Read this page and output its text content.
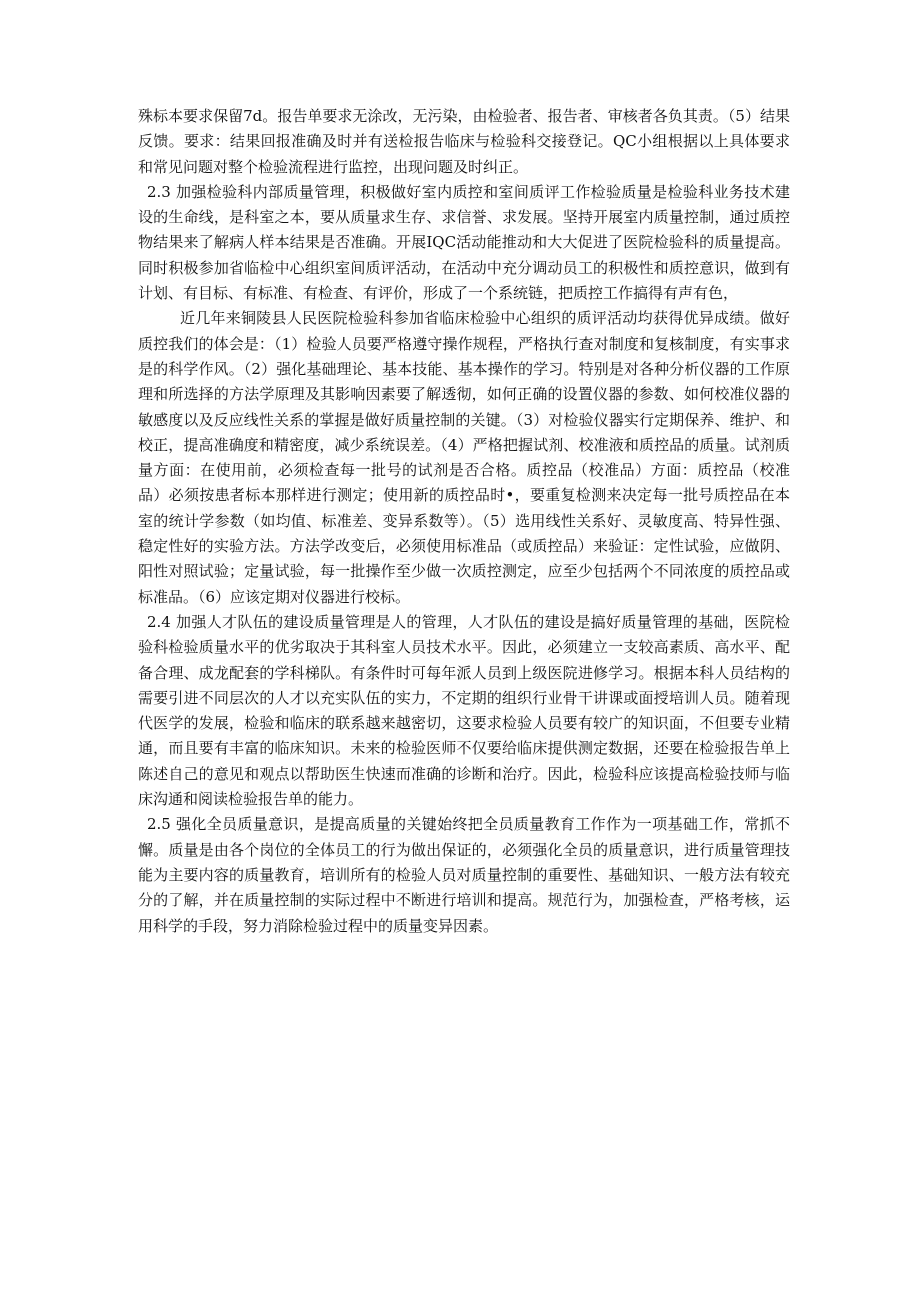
殊标本要求保留7d。报告单要求无涂改，无污染，由检验者、报告者、审核者各负其责。（5）结果反馈。要求：结果回报准确及时并有送检报告临床与检验科交接登记。QC小组根据以上具体要求和常见问题对整个检验流程进行监控，出现问题及时纠正。

2.3 加强检验科内部质量管理，积极做好室内质控和室间质评工作检验质量是检验科业务技术建设的生命线，是科室之本，要从质量求生存、求信誉、求发展。坚持开展室内质量控制，通过质控物结果来了解病人样本结果是否准确。开展IQC活动能推动和大大促进了医院检验科的质量提高。同时积极参加省临检中心组织室间质评活动，在活动中充分调动员工的积极性和质控意识，做到有计划、有目标、有标准、有检查、有评价，形成了一个系统链，把质控工作搞得有声有色，

近几年来铜陵县人民医院检验科参加省临床检验中心组织的质评活动均获得优异成绩。做好质控我们的体会是：（1）检验人员要严格遵守操作规程，严格执行查对制度和复核制度，有实事求是的科学作风。（2）强化基础理论、基本技能、基本操作的学习。特别是对各种分析仪器的工作原理和所选择的方法学原理及其影响因素要了解透彻，如何正确的设置仪器的参数、如何校准仪器的敏感度以及反应线性关系的掌握是做好质量控制的关键。（3）对检验仪器实行定期保养、维护、和校正，提高准确度和精密度，减少系统误差。（4）严格把握试剂、校准液和质控品的质量。试剂质量方面：在使用前，必须检查每一批号的试剂是否合格。质控品（校准品）方面：质控品（校准品）必须按患者标本那样进行测定；使用新的质控品时•，要重复检测来决定每一批号质控品在本室的统计学参数（如均值、标准差、变异系数等）。（5）选用线性关系好、灵敏度高、特异性强、稳定性好的实验方法。方法学改变后，必须使用标准品（或质控品）来验证：定性试验，应做阴、阳性对照试验；定量试验，每一批操作至少做一次质控测定，应至少包括两个不同浓度的质控品或标准品。（6）应该定期对仪器进行校标。

2.4 加强人才队伍的建设质量管理是人的管理，人才队伍的建设是搞好质量管理的基础，医院检验科检验质量水平的优劣取决于其科室人员技术水平。因此，必须建立一支较高素质、高水平、配备合理、成龙配套的学科梯队。有条件时可每年派人员到上级医院进修学习。根据本科人员结构的需要引进不同层次的人才以充实队伍的实力，不定期的组织行业骨干讲课或面授培训人员。随着现代医学的发展，检验和临床的联系越来越密切，这要求检验人员要有较广的知识面，不但要专业精通，而且要有丰富的临床知识。未来的检验医师不仅要给临床提供测定数据，还要在检验报告单上陈述自己的意见和观点以帮助医生快速而准确的诊断和治疗。因此，检验科应该提高检验技师与临床沟通和阅读检验报告单的能力。

2.5 强化全员质量意识，是提高质量的关键始终把全员质量教育工作作为一项基础工作，常抓不懈。质量是由各个岗位的全体员工的行为做出保证的，必须强化全员的质量意识，进行质量管理技能为主要内容的质量教育，培训所有的检验人员对质量控制的重要性、基础知识、一般方法有较充分的了解，并在质量控制的实际过程中不断进行培训和提高。规范行为，加强检查，严格考核，运用科学的手段，努力消除检验过程中的质量变异因素。
